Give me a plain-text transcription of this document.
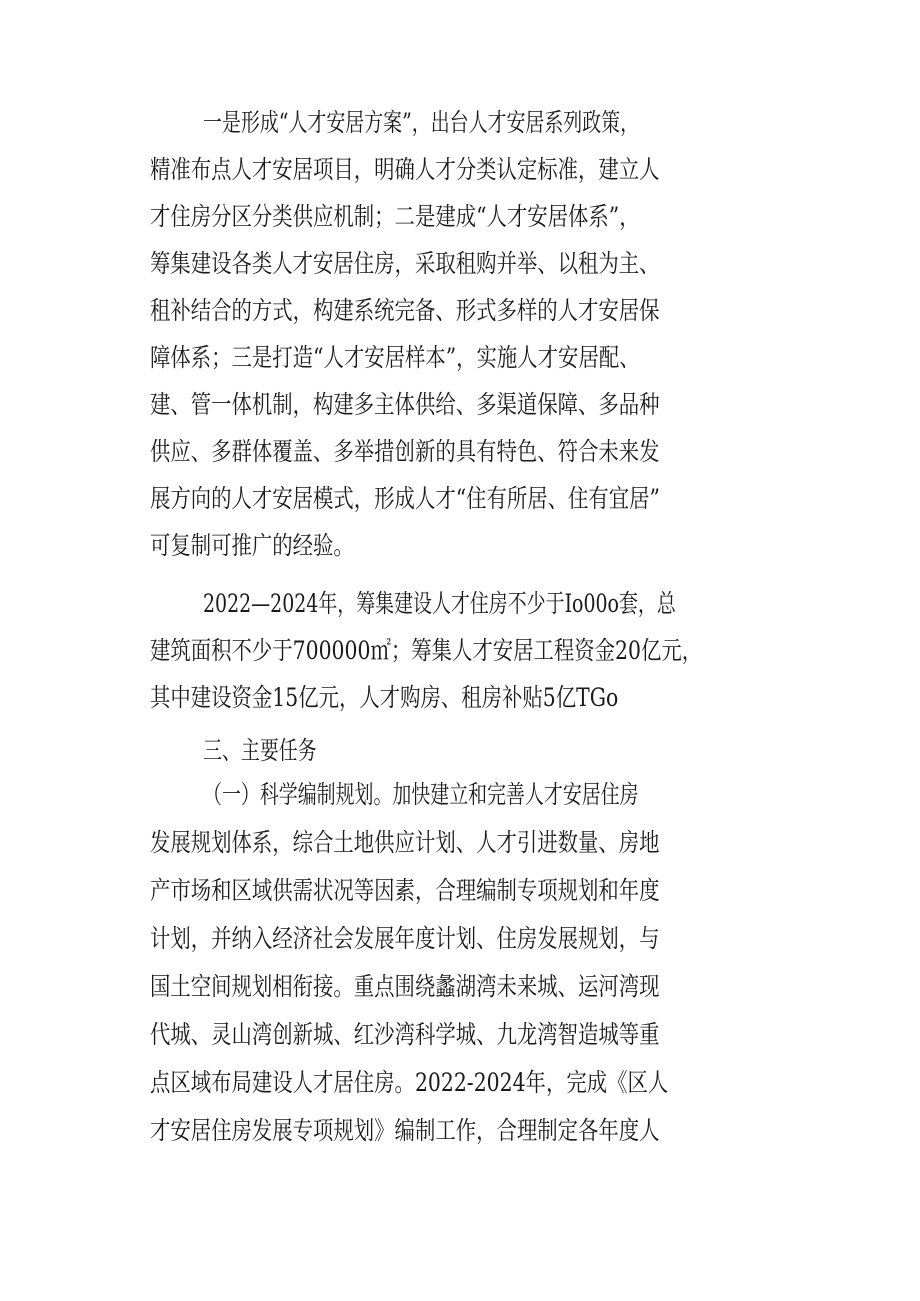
一是形成“人才安居方案”，出台人才安居系列政策，

精准布点人才安居项目，明确人才分类认定标准，建立人

才住房分区分类供应机制；二是建成“人才安居体系”，

筹集建设各类人才安居住房，采取租购并举、以租为主、

租补结合的方式，构建系统完备、形式多样的人才安居保

障体系；三是打造“人才安居样本”，实施人才安居配、

建、管一体机制，构建多主体供给、多渠道保障、多品种

供应、多群体覆盖、多举措创新的具有特色、符合未来发

展方向的人才安居模式，形成人才“住有所居、住有宜居”

可复制可推广的经验。

2022—2024年，筹集建设人才住房不少于Io00o套，总

建筑面积不少于700000㎡；筹集人才安居工程资金20亿元，

其中建设资金15亿元，人才购房、租房补贴5亿TGo

三、主要任务

（一）科学编制规划。加快建立和完善人才安居住房

发展规划体系，综合土地供应计划、人才引进数量、房地

产市场和区域供需状况等因素，合理编制专项规划和年度

计划，并纳入经济社会发展年度计划、住房发展规划，与

国土空间规划相衔接。重点围绕蠡湖湾未来城、运河湾现

代城、灵山湾创新城、红沙湾科学城、九龙湾智造城等重

点区域布局建设人才居住房。2022-2024年，完成《区人

才安居住房发展专项规划》编制工作，合理制定各年度人
